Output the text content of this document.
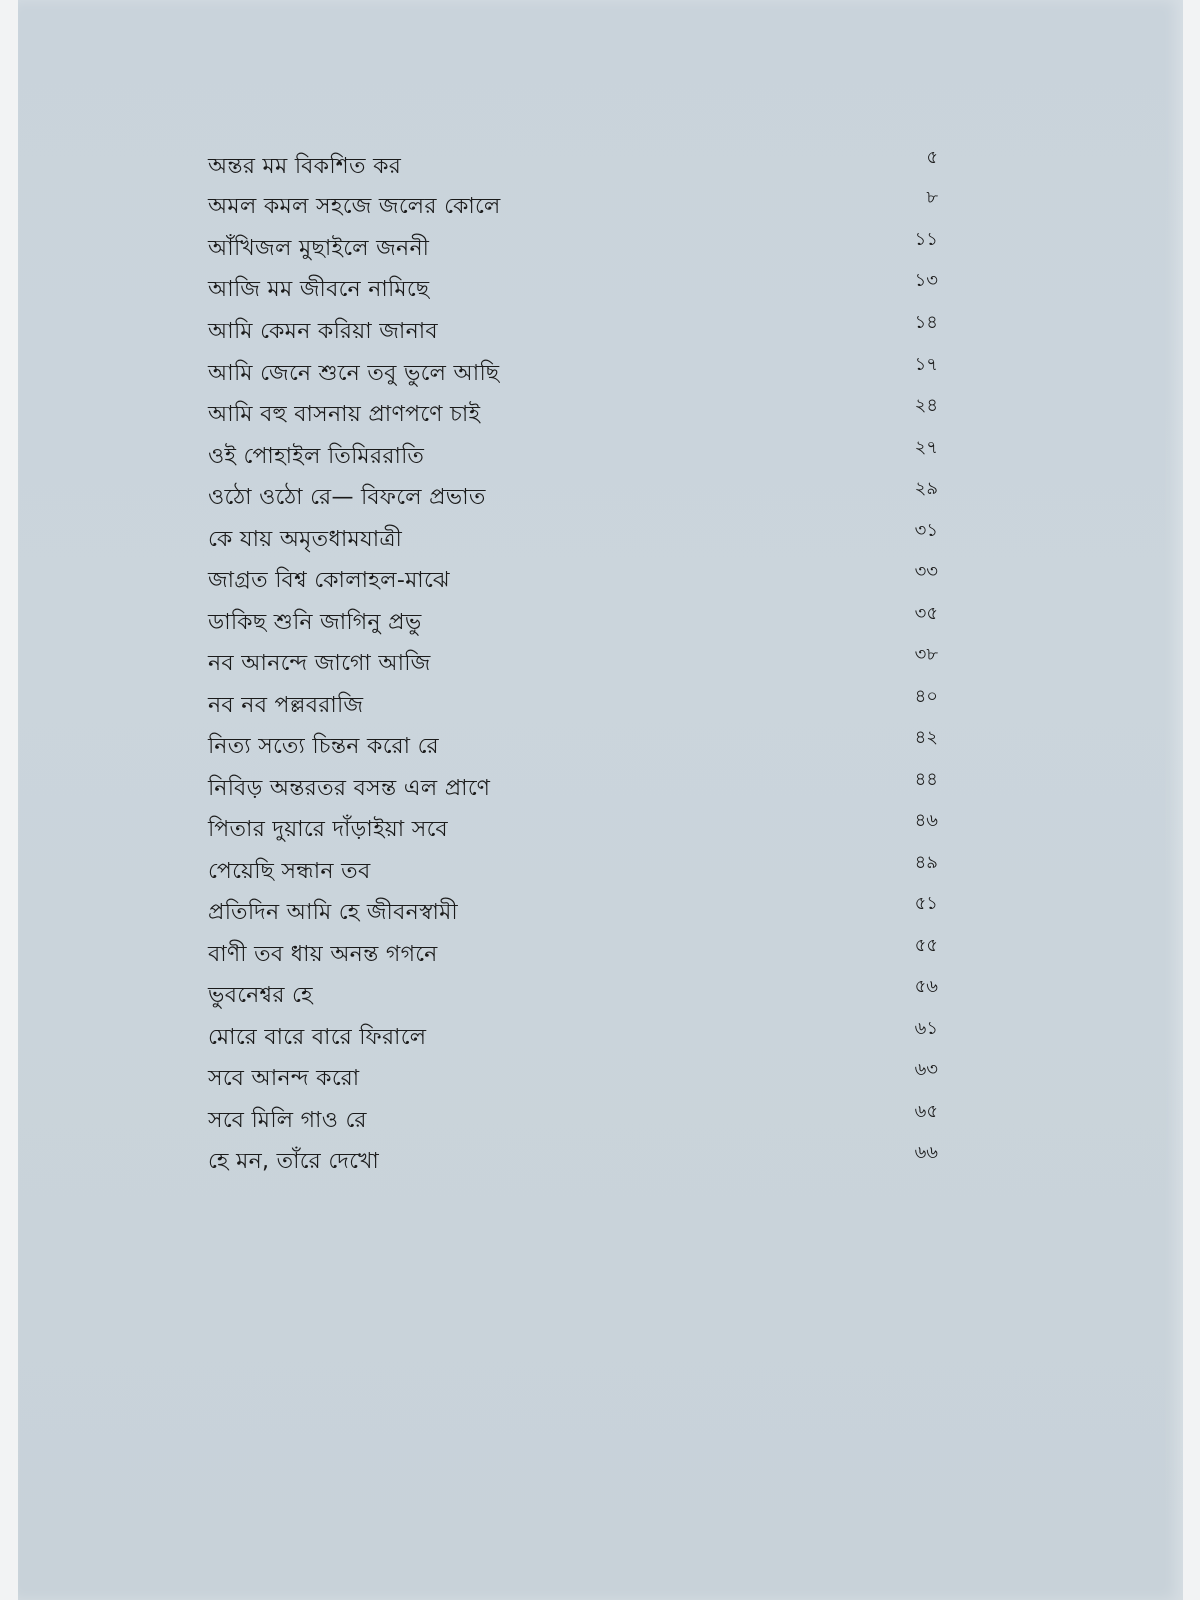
অন্তর মম বিকশিত কর	৫
অমল কমল সহজে জলের কোলে	৮
আঁখিজল মুছাইলে জননী	১১
আজি মম জীবনে নামিছে	১৩
আমি কেমন করিয়া জানাব	১৪
আমি জেনে শুনে তবু ভুলে আছি	১৭
আমি বহু বাসনায় প্রাণপণে চাই	২৪
ওই পোহাইল তিমিররাতি	২৭
ওঠো ওঠো রে— বিফলে প্রভাত	২৯
কে যায় অমৃতধামযাত্রী	৩১
জাগ্রত বিশ্ব কোলাহল-মাঝে	৩৩
ডাকিছ শুনি জাগিনু প্রভু	৩৫
নব আনন্দে জাগো আজি	৩৮
নব নব পল্লবরাজি	৪০
নিত্য সত্যে চিন্তন করো রে	৪২
নিবিড় অন্তরতর বসন্ত এল প্রাণে	৪৪
পিতার দুয়ারে দাঁড়াইয়া সবে	৪৬
পেয়েছি সন্ধান তব	৪৯
প্রতিদিন আমি হে জীবনস্বামী	৫১
বাণী তব ধায় অনন্ত গগনে	৫৫
ভুবনেশ্বর হে	৫৬
মোরে বারে বারে ফিরালে	৬১
সবে আনন্দ করো	৬৩
সবে মিলি গাও রে	৬৫
হে মন, তাঁরে দেখো	৬৬
